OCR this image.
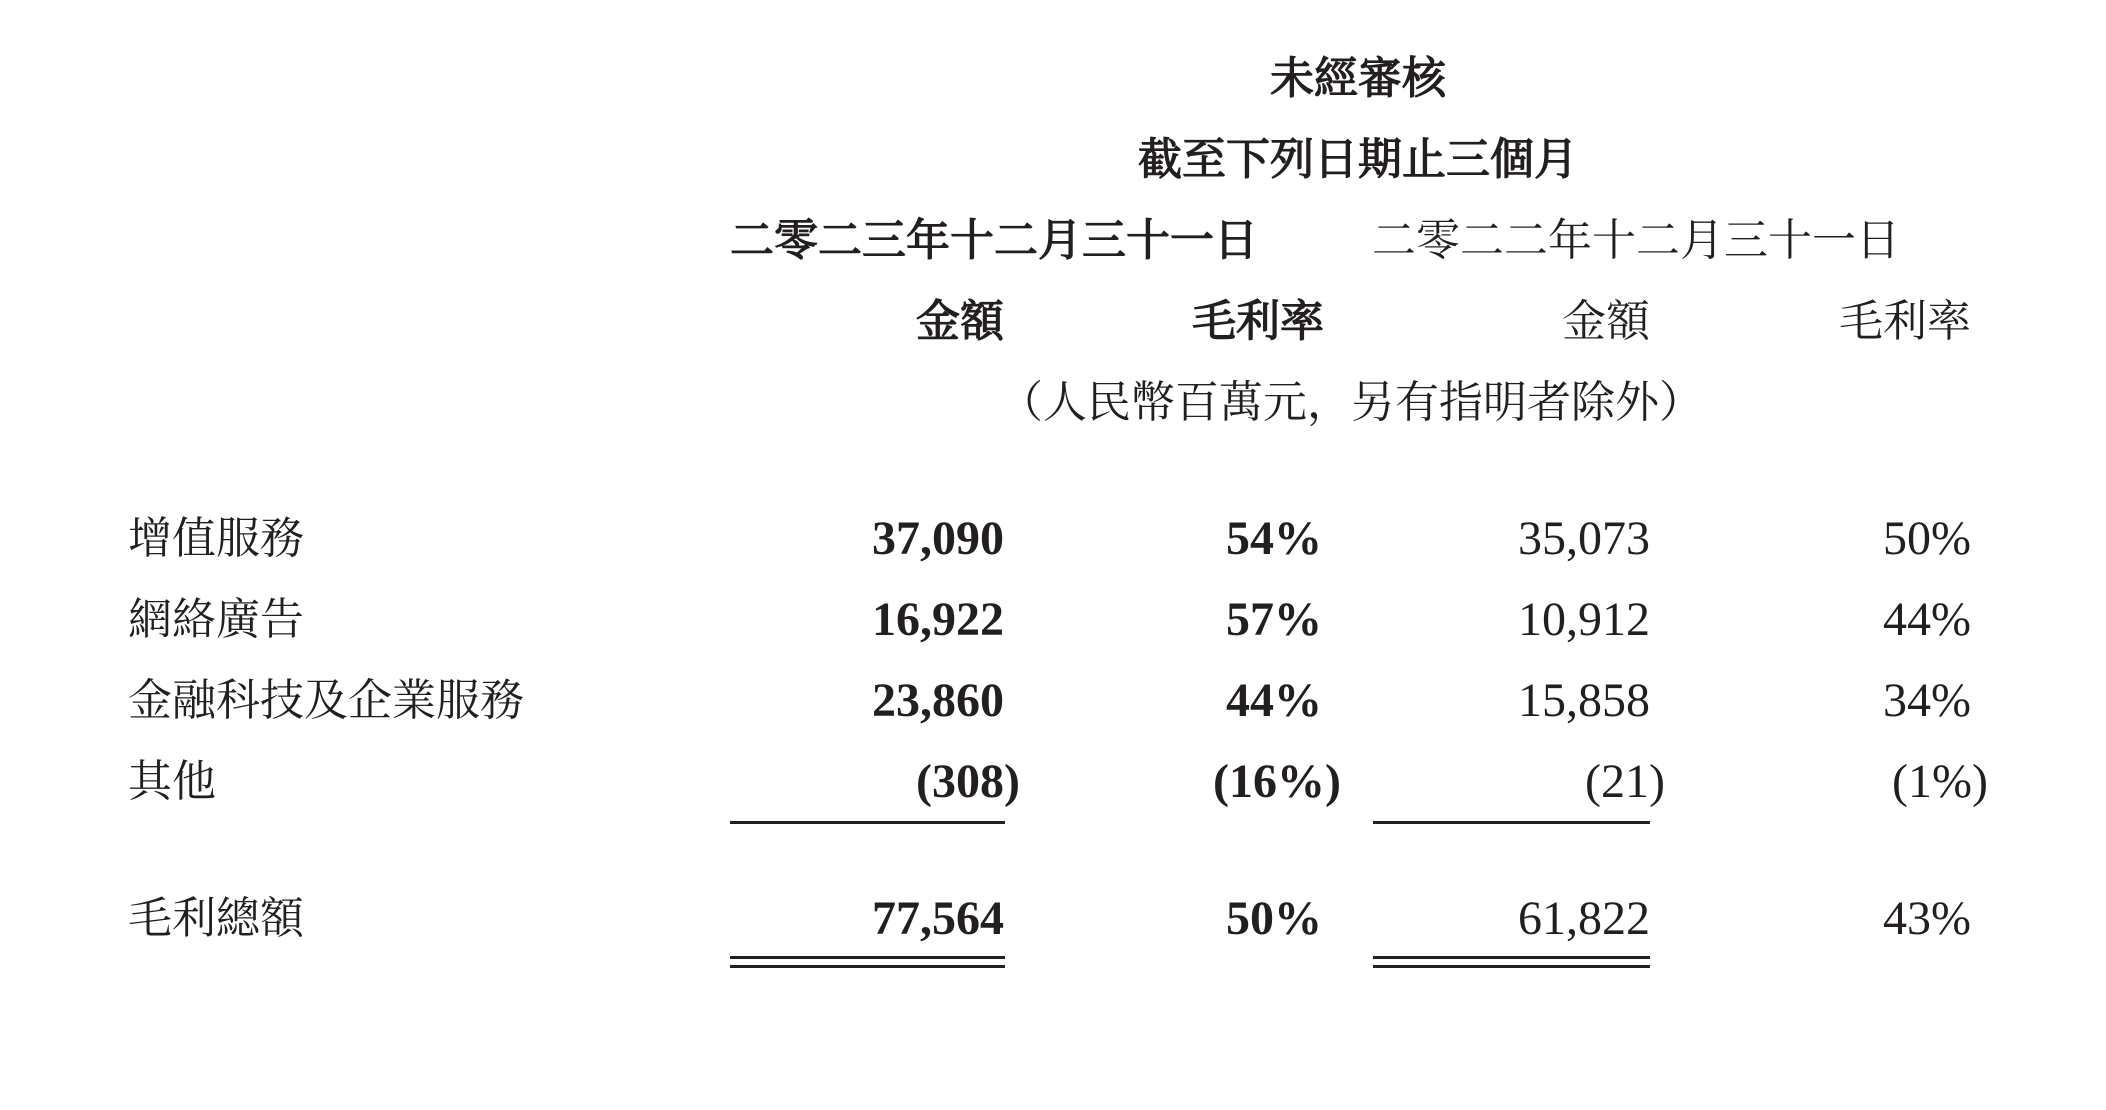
未經審核
截至下列日期止三個月
二零二三年十二月三十一日	二零二二年十二月三十一日
金額	毛利率	金額	毛利率
（人民幣百萬元，另有指明者除外）
增值服務	37,090	54%	35,073	50%
網絡廣告	16,922	57%	10,912	44%
金融科技及企業服務	23,860	44%	15,858	34%
其他	(308)	(16%)	(21)	(1%)
毛利總額	77,564	50%	61,822	43%
